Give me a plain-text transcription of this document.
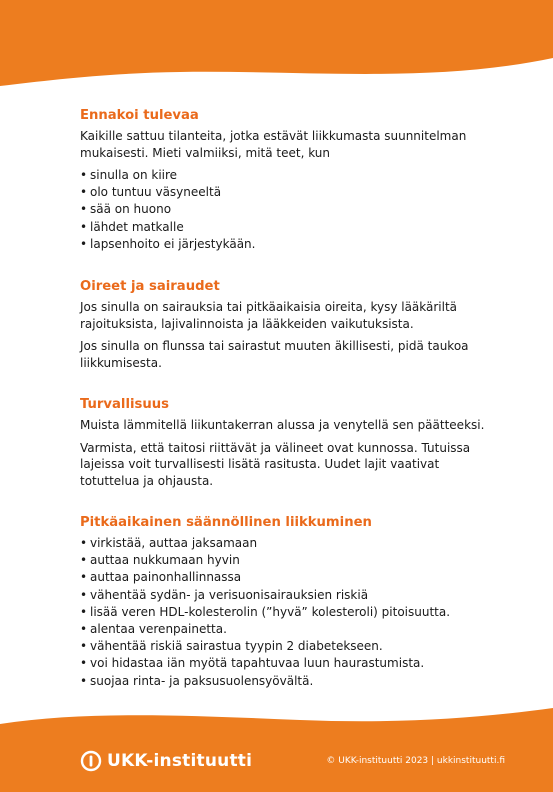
Ennakoi tulevaa

Kaikille sattuu tilanteita, jotka estävät liikkumasta suunnitelman mukaisesti. Mieti valmiiksi, mitä teet, kun

• sinulla on kiire
• olo tuntuu väsyneeltä
• sää on huono
• lähdet matkalle
• lapsenhoito ei järjestykään.
Oireet ja sairaudet

Jos sinulla on sairauksia tai pitkäaikaisia oireita, kysy lääkäriltä rajoituksista, lajivalinnoista ja lääkkeiden vaikutuksista.

Jos sinulla on flunssa tai sairastut muuten äkillisesti, pidä taukoa liikkumisesta.

Turvallisuus

Muista lämmitellä liikuntakerran alussa ja venytellä sen päätteeksi.

Varmista, että taitosi riittävät ja välineet ovat kunnossa. Tutuissa lajeissa voit turvallisesti lisätä rasitusta. Uudet lajit vaativat totuttelua ja ohjausta.

Pitkäaikainen säännöllinen liikkuminen
• virkistää, auttaa jaksamaan
• auttaa nukkumaan hyvin
• auttaa painonhallinnassa
• vähentää sydän- ja verisuonisairauksien riskiä
• lisää veren HDL-kolesterolin (”hyvä” kolesteroli) pitoisuutta.
• alentaa verenpainetta.
• vähentää riskiä sairastua tyypin 2 diabetekseen.
• voi hidastaa iän myötä tapahtuvaa luun haurastumista.
• suojaa rinta- ja paksusuolensyövältä.
UKK-instituutti	© UKK-instituutti 2023 | ukkinstituutti.fi
